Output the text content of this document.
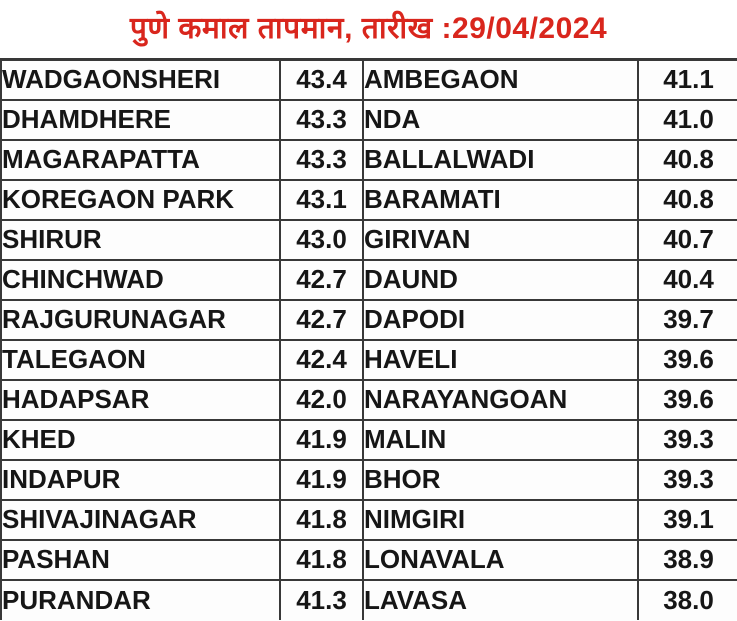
पुणे कमाल तापमान, तारीख :29/04/2024
WADGAONSHERI	43.4	AMBEGAON	41.1
DHAMDHERE	43.3	NDA	41.0
MAGARAPATTA	43.3	BALLALWADI	40.8
KOREGAON PARK	43.1	BARAMATI	40.8
SHIRUR	43.0	GIRIVAN	40.7
CHINCHWAD	42.7	DAUND	40.4
RAJGURUNAGAR	42.7	DAPODI	39.7
TALEGAON	42.4	HAVELI	39.6
HADAPSAR	42.0	NARAYANGOAN	39.6
KHED	41.9	MALIN	39.3
INDAPUR	41.9	BHOR	39.3
SHIVAJINAGAR	41.8	NIMGIRI	39.1
PASHAN	41.8	LONAVALA	38.9
PURANDAR	41.3	LAVASA	38.0
